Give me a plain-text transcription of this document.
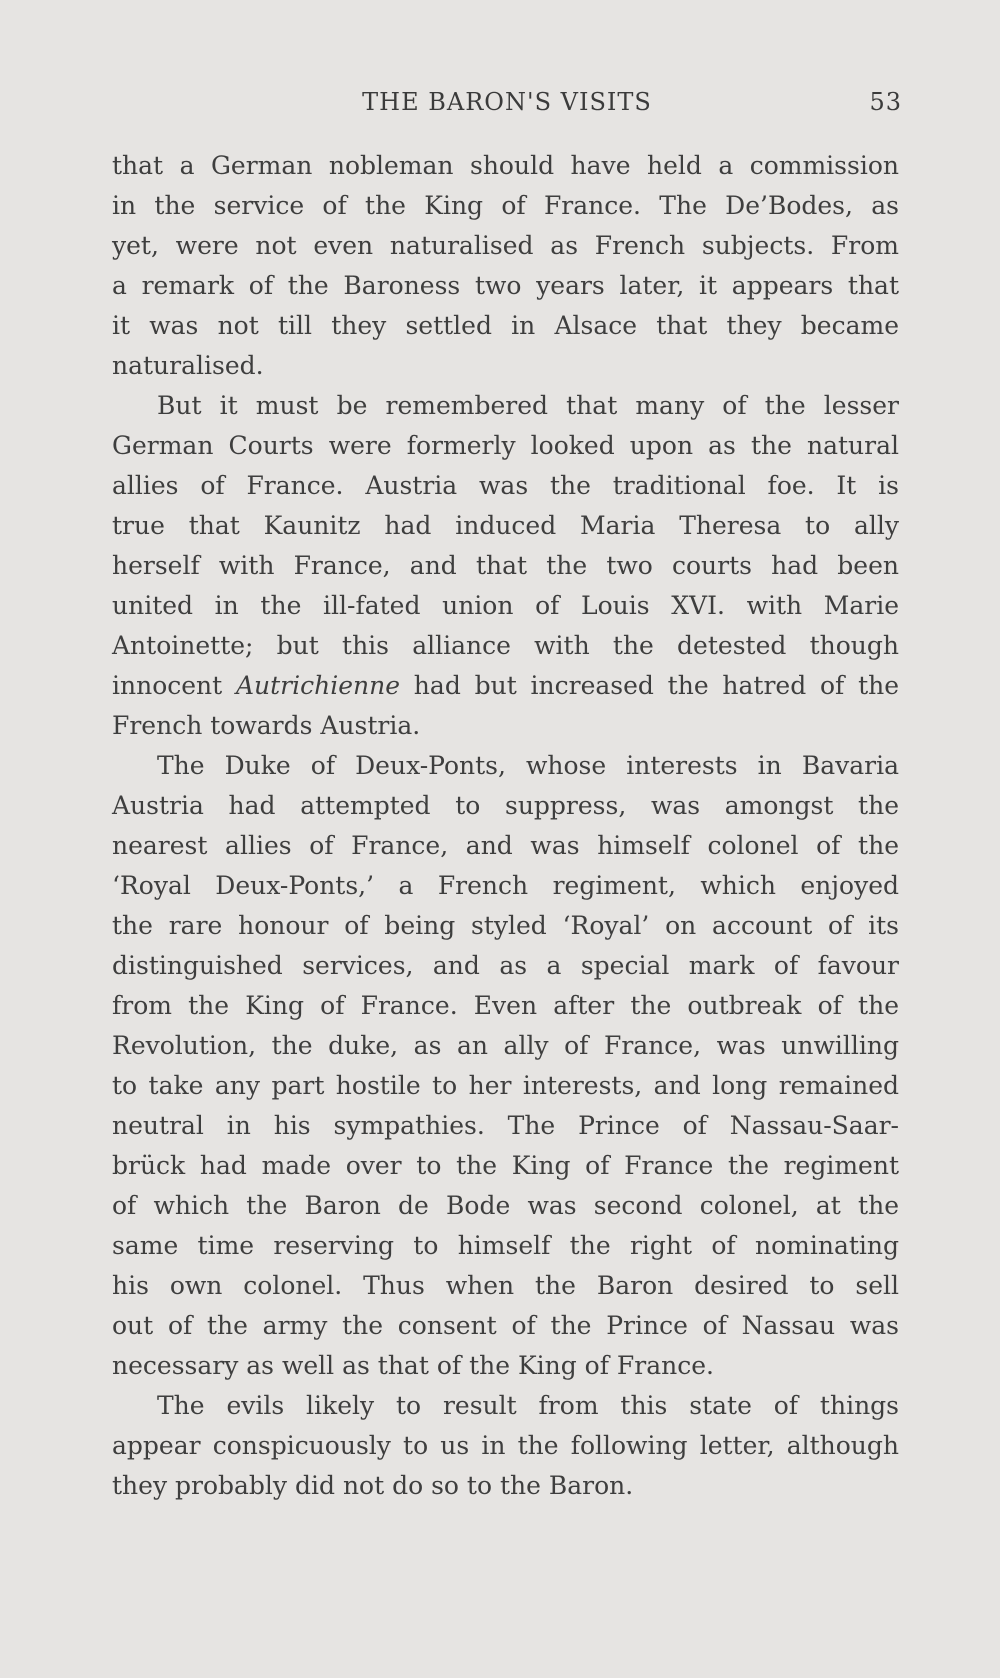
THE BARON'S VISITS	53

that a German nobleman should have held a commission
in the service of the King of France. The De’Bodes, as
yet, were not even naturalised as French subjects. From
a remark of the Baroness two years later, it appears that
it was not till they settled in Alsace that they became
naturalised.

But it must be remembered that many of the lesser
German Courts were formerly looked upon as the natural
allies of France. Austria was the traditional foe. It is
true that Kaunitz had induced Maria Theresa to ally
herself with France, and that the two courts had been
united in the ill-fated union of Louis XVI. with Marie
Antoinette; but this alliance with the detested though
innocent Autrichienne had but increased the hatred of the
French towards Austria.

The Duke of Deux-Ponts, whose interests in Bavaria
Austria had attempted to suppress, was amongst the
nearest allies of France, and was himself colonel of the
‘Royal Deux-Ponts,’ a French regiment, which enjoyed
the rare honour of being styled ‘Royal’ on account of its
distinguished services, and as a special mark of favour
from the King of France. Even after the outbreak of the
Revolution, the duke, as an ally of France, was unwilling
to take any part hostile to her interests, and long remained
neutral in his sympathies. The Prince of Nassau-Saar-
brück had made over to the King of France the regiment
of which the Baron de Bode was second colonel, at the
same time reserving to himself the right of nominating
his own colonel. Thus when the Baron desired to sell
out of the army the consent of the Prince of Nassau was
necessary as well as that of the King of France.

The evils likely to result from this state of things
appear conspicuously to us in the following letter, although
they probably did not do so to the Baron.
